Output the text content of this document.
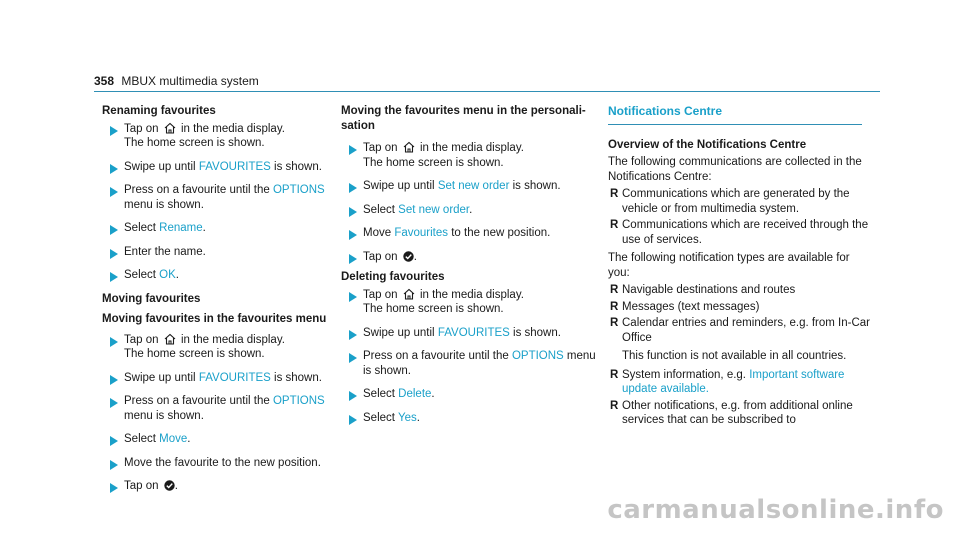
358 MBUX multimedia system
Renaming favourites
Tap on in the media display.
The home screen is shown.
Swipe up until FAVOURITES is shown.
Press on a favourite until the OPTIONS menu is shown.
Select Rename.
Enter the name.
Select OK.
Moving favourites
Moving favourites in the favourites menu
Tap on in the media display.
The home screen is shown.
Swipe up until FAVOURITES is shown.
Press on a favourite until the OPTIONS menu is shown.
Select Move.
Move the favourite to the new position.
Tap on .
Moving the favourites menu in the personalisation
Tap on in the media display.
The home screen is shown.
Swipe up until Set new order is shown.
Select Set new order.
Move Favourites to the new position.
Tap on .
Deleting favourites
Tap on in the media display.
The home screen is shown.
Swipe up until FAVOURITES is shown.
Press on a favourite until the OPTIONS menu is shown.
Select Delete.
Select Yes.
Notifications Centre
Overview of the Notifications Centre

The following communications are collected in the Notifications Centre:

R Communications which are generated by the vehicle or from multimedia system.
R Communications which are received through the use of services.

The following notification types are available for you:

R Navigable destinations and routes
R Messages (text messages)
R Calendar entries and reminders, e.g. from In-Car Office
This function is not available in all countries.
R System information, e.g. Important software update available.
R Other notifications, e.g. from additional online services that can be subscribed to
carmanualsonline.info
